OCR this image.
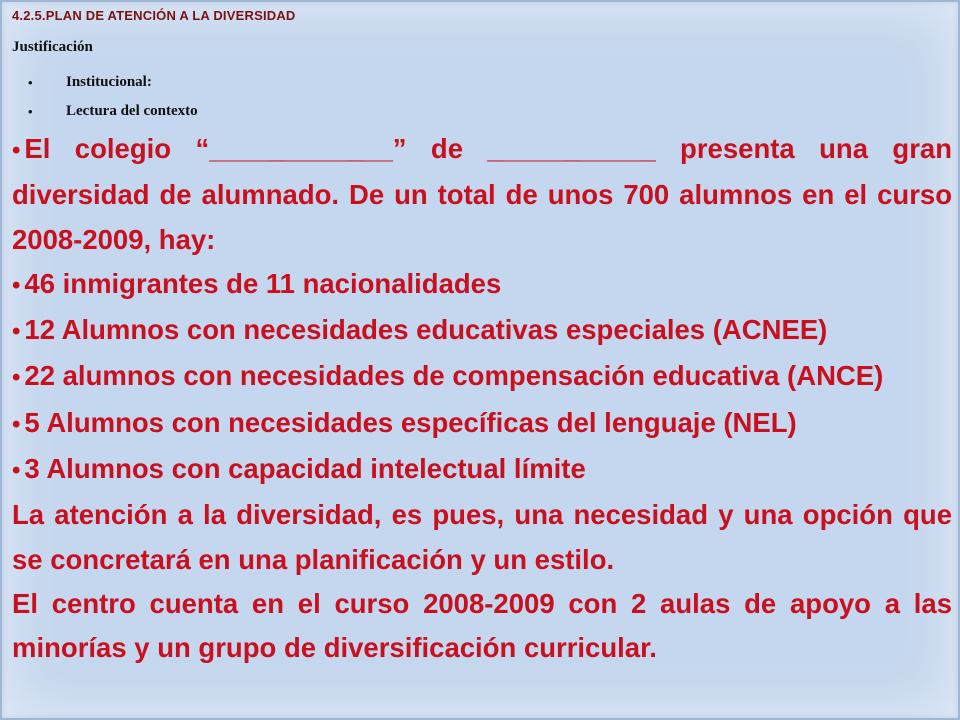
4.2.5.PLAN DE ATENCIÓN A LA DIVERSIDAD
Justificación
• Institucional:
• Lectura del contexto

• El colegio “____________” de ___________ presenta una gran diversidad de alumnado. De un total de unos 700 alumnos en el curso 2008-2009, hay:

• 46 inmigrantes de 11 nacionalidades

• 12 Alumnos con necesidades educativas especiales (ACNEE)

• 22 alumnos con necesidades de compensación educativa (ANCE)

• 5 Alumnos con necesidades específicas del lenguaje (NEL)

• 3 Alumnos con capacidad intelectual límite

La atención a la diversidad, es pues, una necesidad y una opción que se concretará en una planificación y un estilo.

El centro cuenta en el curso 2008-2009 con 2 aulas de apoyo a las minorías y un grupo de diversificación curricular.
